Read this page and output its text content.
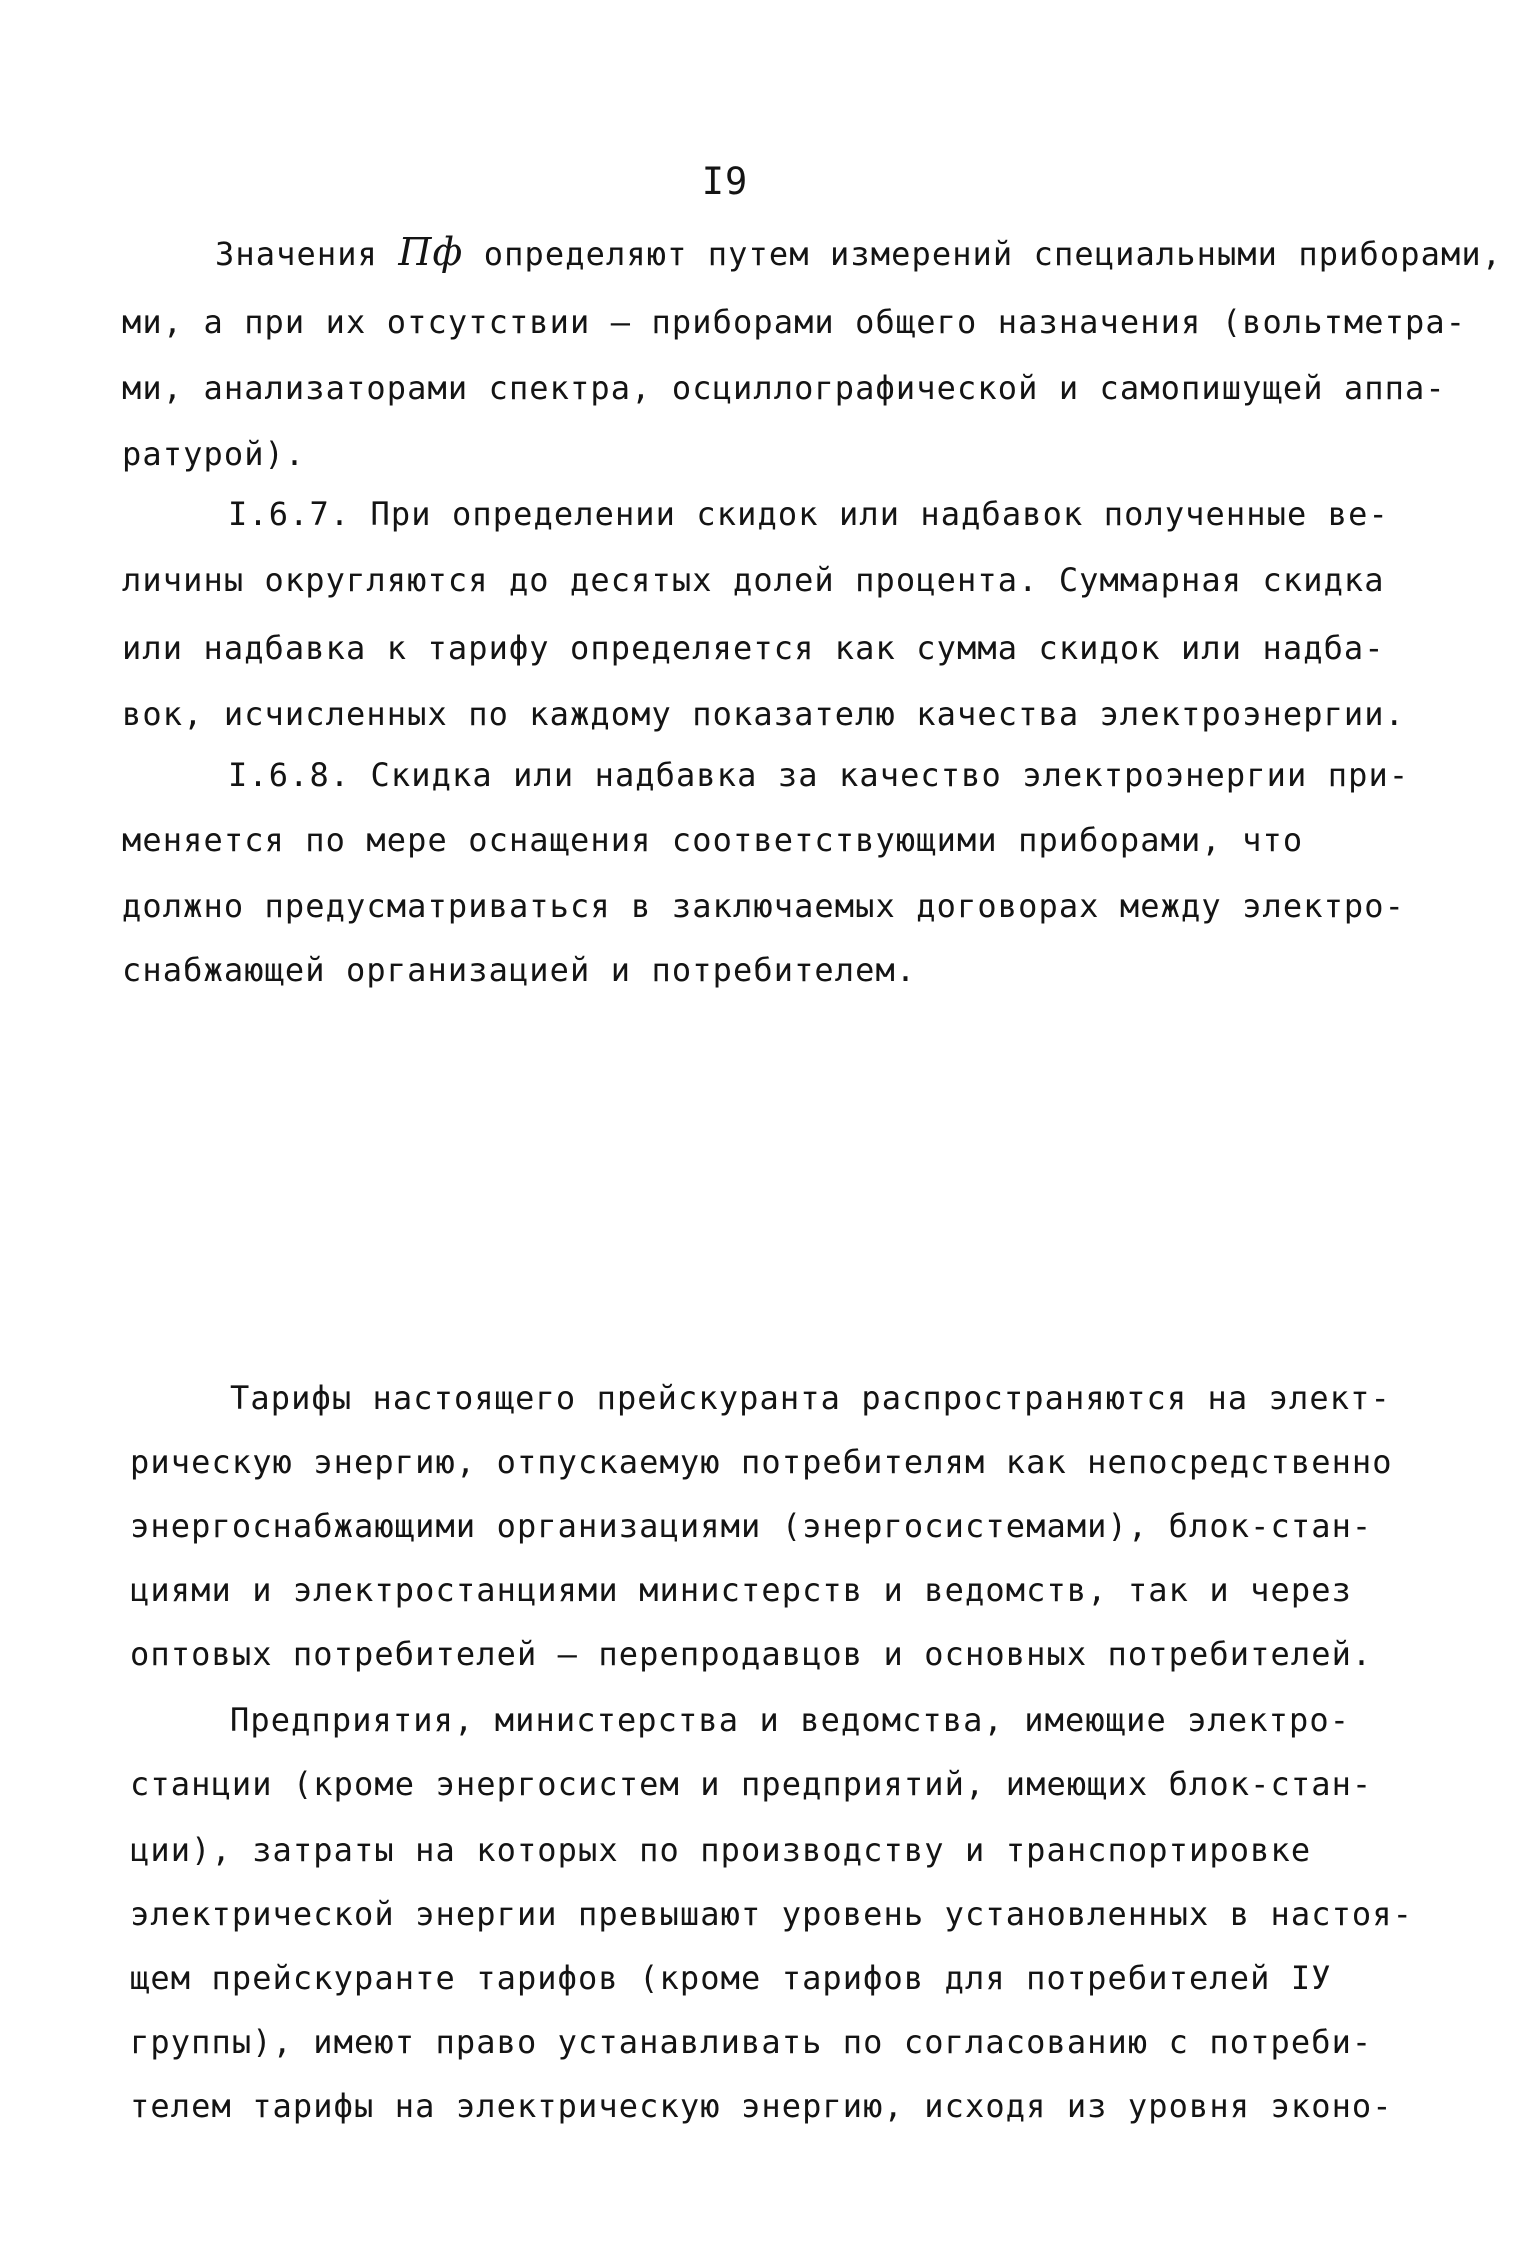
I9
Значения Пф определяют путем измерений специальными приборами,
ми, а при их отсутствии – приборами общего назначения (вольтметра-
ми, анализаторами спектра, осциллографической и самопишущей аппа-
ратурой).
I.6.7. При определении скидок или надбавок полученные ве-
личины округляются до десятых долей процента. Суммарная скидка
или надбавка к тарифу определяется как сумма скидок или надба-
вок, исчисленных по каждому показателю качества электроэнергии.
I.6.8. Скидка или надбавка за качество электроэнергии при-
меняется по мере оснащения соответствующими приборами, что
должно предусматриваться в заключаемых договорах между электро-
снабжающей организацией и потребителем.
Тарифы настоящего прейскуранта распространяются на элект-
рическую энергию, отпускаемую потребителям как непосредственно
энергоснабжающими организациями (энергосистемами), блок-стан-
циями и электростанциями министерств и ведомств, так и через
оптовых потребителей – перепродавцов и основных потребителей.
Предприятия, министерства и ведомства, имеющие электро-
станции (кроме энергосистем и предприятий, имеющих блок-стан-
ции), затраты на которых по производству и транспортировке
электрической энергии превышают уровень установленных в настоя-
щем прейскуранте тарифов (кроме тарифов для потребителей IУ
группы), имеют право устанавливать по согласованию с потреби-
телем тарифы на электрическую энергию, исходя из уровня эконо-
